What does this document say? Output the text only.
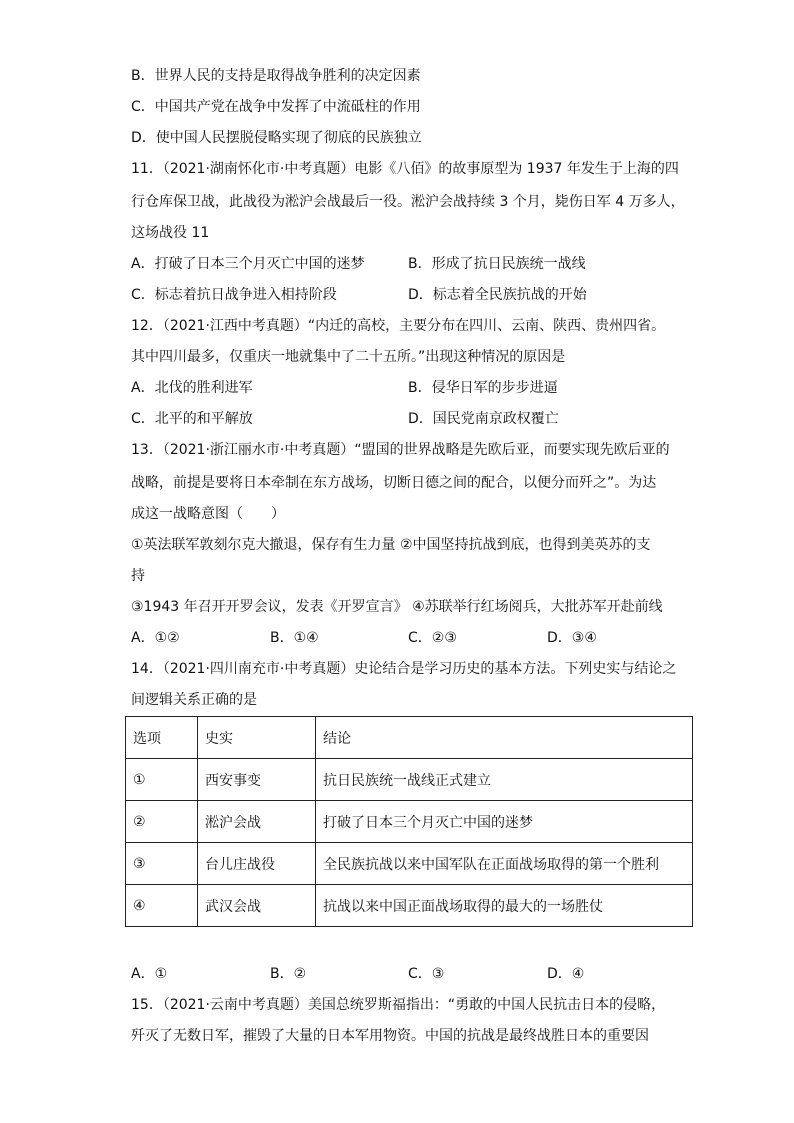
B．世界人民的支持是取得战争胜利的决定因素
C．中国共产党在战争中发挥了中流砥柱的作用
D．使中国人民摆脱侵略实现了彻底的民族独立
11．（2021·湖南怀化市·中考真题）电影《八佰》的故事原型为 1937 年发生于上海的四
行仓库保卫战，此战役为淞沪会战最后一役。淞沪会战持续 3 个月，毙伤日军 4 万多人，
这场战役 11
A．打破了日本三个月灭亡中国的迷梦	B．形成了抗日民族统一战线
C．标志着抗日战争进入相持阶段	D．标志着全民族抗战的开始
12．（2021·江西中考真题）“内迁的高校，主要分布在四川、云南、陕西、贵州四省。
其中四川最多，仅重庆一地就集中了二十五所。”出现这种情况的原因是
A．北伐的胜利进军	B．侵华日军的步步进逼
C．北平的和平解放	D．国民党南京政权覆亡
13．（2021·浙江丽水市·中考真题）“盟国的世界战略是先欧后亚，而要实现先欧后亚的
战略，前提是要将日本牵制在东方战场，切断日德之间的配合，以便分而歼之”。为达
成这一战略意图（　　）
①英法联军敦刻尔克大撤退，保存有生力量 ②中国坚持抗战到底，也得到美英苏的支
持
③1943 年召开开罗会议，发表《开罗宣言》 ④苏联举行红场阅兵，大批苏军开赴前线
A．①②	B．①④	C．②③	D．③④
14．（2021·四川南充市·中考真题）史论结合是学习历史的基本方法。下列史实与结论之
间逻辑关系正确的是
选项	史实	结论
①	西安事变	抗日民族统一战线正式建立
②	淞沪会战	打破了日本三个月灭亡中国的迷梦
③	台儿庄战役	全民族抗战以来中国军队在正面战场取得的第一个胜利
④	武汉会战	抗战以来中国正面战场取得的最大的一场胜仗
A．①	B．②	C．③	D．④
15．（2021·云南中考真题）美国总统罗斯福指出：“勇敢的中国人民抗击日本的侵略，
歼灭了无数日军，摧毁了大量的日本军用物资。中国的抗战是最终战胜日本的重要因
